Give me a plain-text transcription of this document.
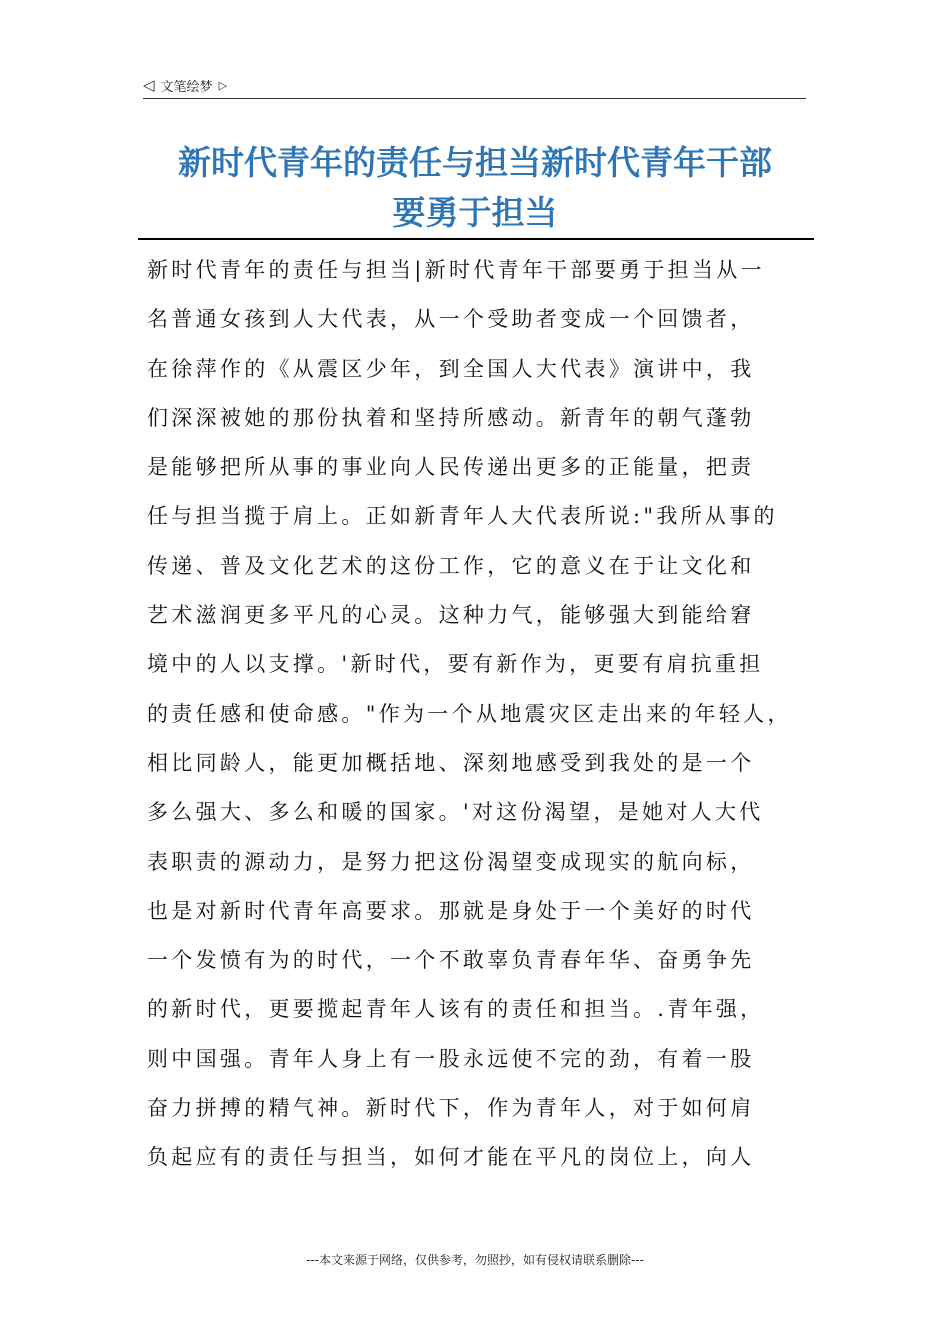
◁ 文笔绘梦 ▷
新时代青年的责任与担当新时代青年干部
要勇于担当
新时代青年的责任与担当|新时代青年干部要勇于担当从一
名普通女孩到人大代表，从一个受助者变成一个回馈者，
在徐萍作的《从震区少年，到全国人大代表》演讲中，我
们深深被她的那份执着和坚持所感动。新青年的朝气蓬勃
是能够把所从事的事业向人民传递出更多的正能量，把责
任与担当揽于肩上。正如新青年人大代表所说:"我所从事的
传递、普及文化艺术的这份工作，它的意义在于让文化和
艺术滋润更多平凡的心灵。这种力气，能够强大到能给窘
境中的人以支撑。'新时代，要有新作为，更要有肩抗重担
的责任感和使命感。"作为一个从地震灾区走出来的年轻人，
相比同龄人，能更加概括地、深刻地感受到我处的是一个
多么强大、多么和暖的国家。'对这份渴望，是她对人大代
表职责的源动力，是努力把这份渴望变成现实的航向标，
也是对新时代青年高要求。那就是身处于一个美好的时代
一个发愤有为的时代，一个不敢辜负青春年华、奋勇争先
的新时代，更要揽起青年人该有的责任和担当。.青年强，
则中国强。青年人身上有一股永远使不完的劲，有着一股
奋力拼搏的精气神。新时代下，作为青年人，对于如何肩
负起应有的责任与担当，如何才能在平凡的岗位上，向人
---本文来源于网络，仅供参考，勿照抄，如有侵权请联系删除---
